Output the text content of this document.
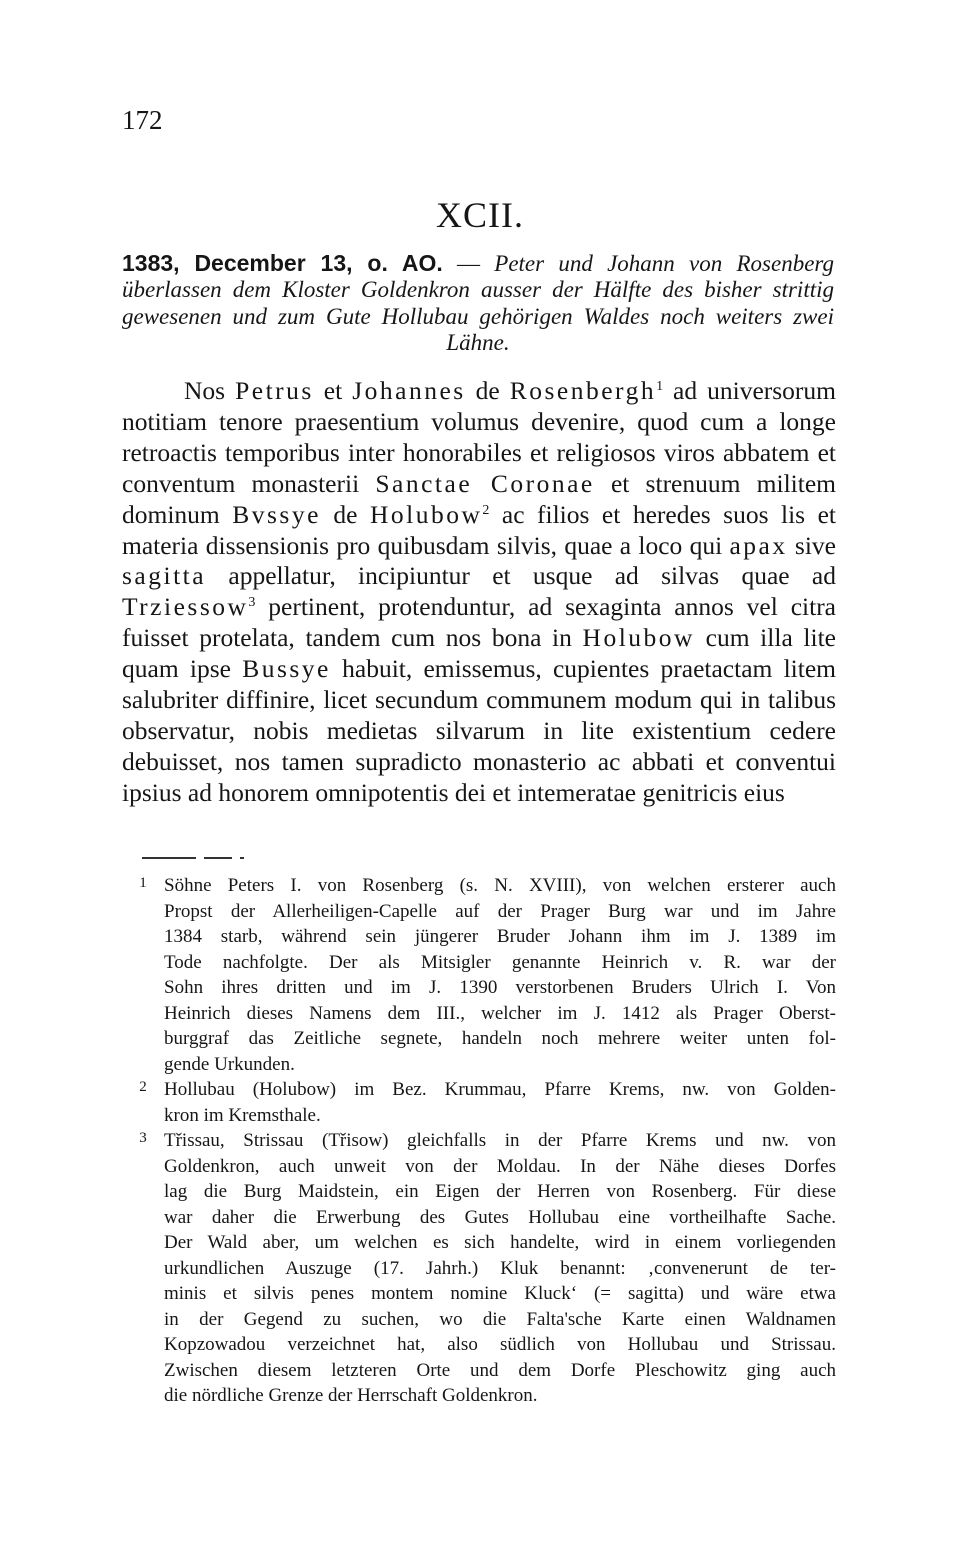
172
XCII.
1383, December 13, o. AO. — Peter und Johann von Rosenberg überlassen dem Kloster Goldenkron ausser der Hälfte des bisher strittig gewesenen und zum Gute Hollubau gehörigen Waldes noch weiters zwei Lähne.

Nos Petrus et Johannes de Rosenbergh$^1$ ad universorum notitiam tenore praesentium volumus devenire, quod cum a longe retroactis temporibus inter honorabiles et religiosos viros abbatem et conventum monasterii Sanctae Coronae et strenuum militem dominum Bvssye de Holubow$^2$ ac filios et heredes suos lis et materia dissensionis pro quibusdam silvis, quae a loco qui apax sive sagitta appellatur, incipiuntur et usque ad silvas quae ad Trziessow$^3$ pertinent, protenduntur, ad sexaginta annos vel citra fuisset protelata, tandem cum nos bona in Holubow cum illa lite quam ipse Bussye habuit, emissemus, cupientes praetactam litem salubriter diffinire, licet secundum communem modum qui in talibus observatur, nobis medietas silvarum in lite existentium cedere debuisset, nos tamen supradicto monasterio ac abbati et conventui ipsius ad honorem omnipotentis dei et intemeratae genitricis eius

1 Söhne Peters I. von Rosenberg (s. N. XVIII), von welchen ersterer auch
Propst der Allerheiligen-Capelle auf der Prager Burg war und im Jahre
1384 starb, während sein jüngerer Bruder Johann ihm im J. 1389 im
Tode nachfolgte. Der als Mitsigler genannte Heinrich v. R. war der
Sohn ihres dritten und im J. 1390 verstorbenen Bruders Ulrich I. Von
Heinrich dieses Namens dem III., welcher im J. 1412 als Prager Oberst-
burggraf das Zeitliche segnete, handeln noch mehrere weiter unten fol-
gende Urkunden.
2 Hollubau (Holubow) im Bez. Krummau, Pfarre Krems, nw. von Golden-
kron im Kremsthale.
3 Třissau, Strissau (Třisow) gleichfalls in der Pfarre Krems und nw. von
Goldenkron, auch unweit von der Moldau. In der Nähe dieses Dorfes
lag die Burg Maidstein, ein Eigen der Herren von Rosenberg. Für diese
war daher die Erwerbung des Gutes Hollubau eine vortheilhafte Sache.
Der Wald aber, um welchen es sich handelte, wird in einem vorliegenden
urkundlichen Auszuge (17. Jahrh.) Kluk benannt: ‚convenerunt de ter-
minis et silvis penes montem nomine Kluck‘ (= sagitta) und wäre etwa
in der Gegend zu suchen, wo die Falta'sche Karte einen Waldnamen
Kopzowadou verzeichnet hat, also südlich von Hollubau und Strissau.
Zwischen diesem letzteren Orte und dem Dorfe Pleschowitz ging auch
die nördliche Grenze der Herrschaft Goldenkron.
